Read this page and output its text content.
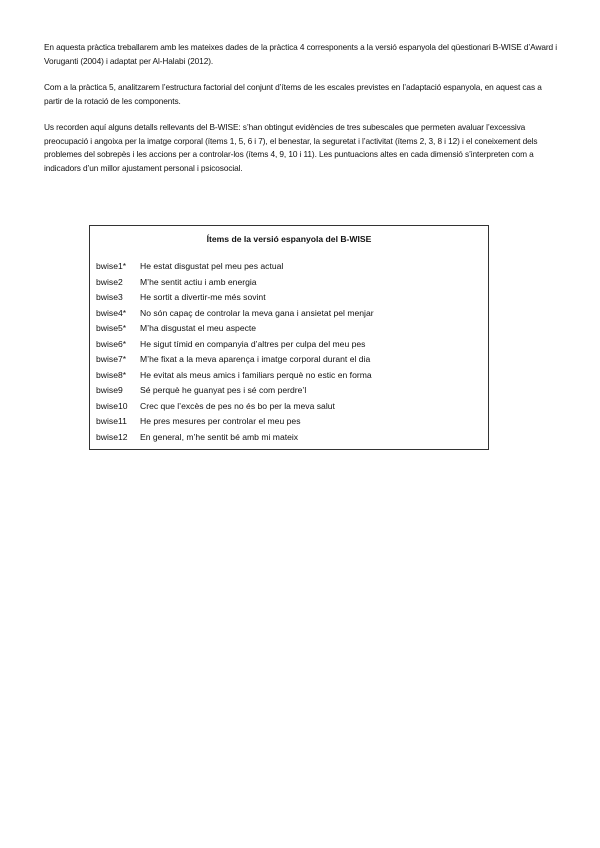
En aquesta pràctica treballarem amb les mateixes dades de la pràctica 4 corresponents a la versió espanyola del qüestionari B-WISE d’Award i Voruganti (2004) i adaptat per Al-Halabi (2012).

Com a la pràctica 5, analitzarem l’estructura factorial del conjunt d’ítems de les escales previstes en l’adaptació espanyola, en aquest cas a partir de la rotació de les components.

Us recorden aquí alguns detalls rellevants del B-WISE: s’han obtingut evidències de tres subescales que permeten avaluar l’excessiva preocupació i angoixa per la imatge corporal (ítems 1, 5, 6 i 7), el benestar, la seguretat i l’activitat (ítems 2, 3, 8 i 12) i el coneixement dels problemes del sobrepès i les accions per a controlar-los (ítems 4, 9, 10 i 11). Les puntuacions altes en cada dimensió s’interpreten com a indicadors d’un millor ajustament personal i psicosocial.

Ítems de la versió espanyola del B-WISE

bwise1* He estat disgustat pel meu pes actual
bwise2 M’he sentit actiu i amb energia
bwise3 He sortit a divertir-me més sovint
bwise4* No són capaç de controlar la meva gana i ansietat pel menjar
bwise5* M’ha disgustat el meu aspecte
bwise6* He sigut tímid en companyia d’altres per culpa del meu pes
bwise7* M’he fixat a la meva aparença i imatge corporal durant el dia
bwise8* He evitat als meus amics i familiars perquè no estic en forma
bwise9 Sé perquè he guanyat pes i sé com perdre’l
bwise10 Crec que l’excès de pes no és bo per la meva salut
bwise11 He pres mesures per controlar el meu pes
bwise12 En general, m’he sentit bé amb mi mateix
